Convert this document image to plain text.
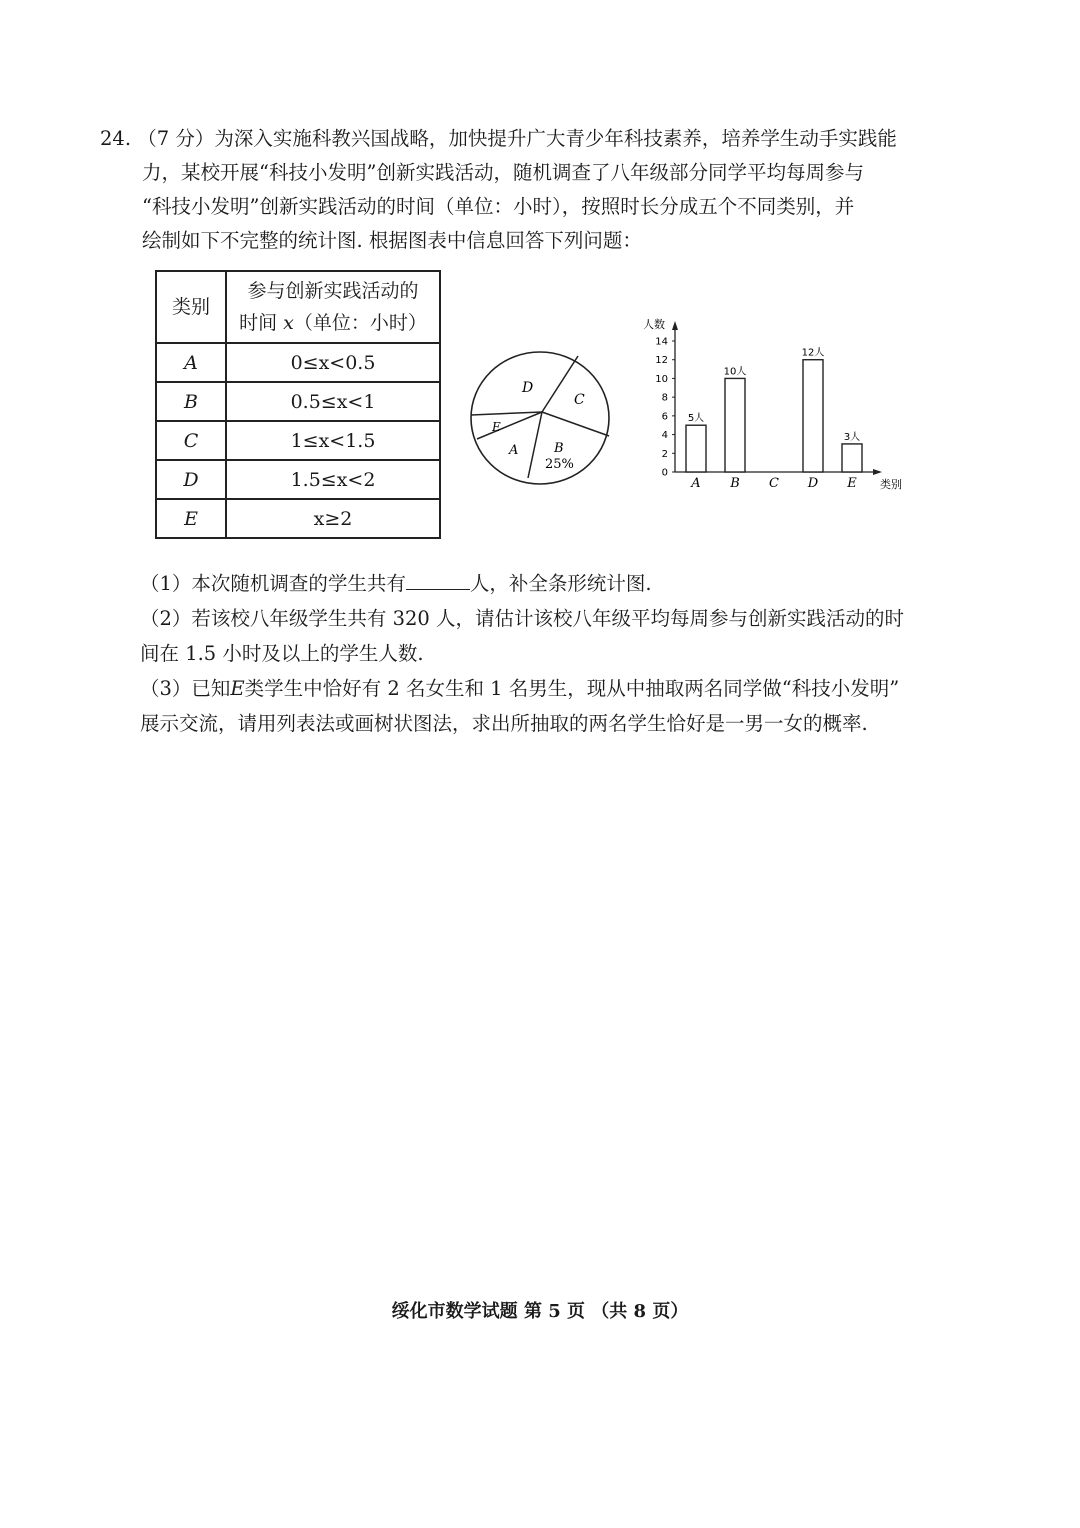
24. （7 分）为深入实施科教兴国战略，加快提升广大青少年科技素养，培养学生动手实践能
力，某校开展“科技小发明”创新实践活动，随机调查了八年级部分同学平均每周参与
“科技小发明”创新实践活动的时间（单位：小时），按照时长分成五个不同类别，并
绘制如下不完整的统计图. 根据图表中信息回答下列问题：
类别	参与创新实践活动的
时间 x（单位：小时）

A	0≤x<0.5
B	0.5≤x<1
C	1≤x<1.5
D	1.5≤x<2
E	x≥2
D
C
B
25%
A
E
人数
类别
0
2
4
6
8
10
12
14
A
5人
B
10人
C D
12人
E
3人
（1）本次随机调查的学生共有	人，补全条形统计图.
（2）若该校八年级学生共有 320 人，请估计该校八年级平均每周参与创新实践活动的时
间在 1.5 小时及以上的学生人数.
（3）已知E类学生中恰好有 2 名女生和 1 名男生，现从中抽取两名同学做“科技小发明”
展示交流，请用列表法或画树状图法，求出所抽取的两名学生恰好是一男一女的概率.
绥化市数学试题 第 5 页 （共 8 页）
